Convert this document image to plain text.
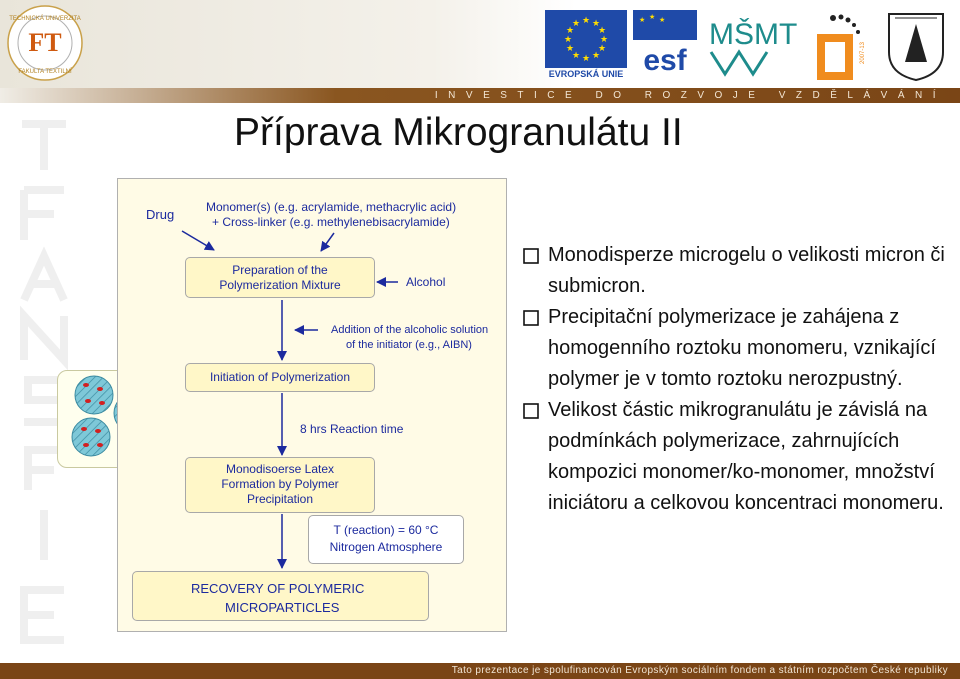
FT
TECHNICKÁ UNIVERZITA
FAKULTA TEXTILNÍ
★ ★
★
★
★
★
★
★
★
★
★
★
EVROPSKÁ UNIE
★ ★ ★
esf
MŠMT
2007-13
INVESTICE DO ROZVOJE VZDĚLÁVÁNÍ
Příprava Mikrogranulátu II
Drug	Monomer(s) (e.g. acrylamide, methacrylic acid)
+ Cross-linker (e.g. methylenebisacrylamide)
Preparation of the
Polymerization Mixture	Alcohol
Addition of the alcoholic solution
of the initiator (e.g., AIBN)
Initiation of Polymerization
8 hrs Reaction time
Monodisoerse Latex
Formation by Polymer
Precipitation
T (reaction) = 60 °C
Nitrogen Atmosphere
RECOVERY OF POLYMERIC
MICROPARTICLES
Monodisperze microgelu o velikosti micron či submicron.
Precipitační polymerizace je zahájena z homogenního roztoku monomeru, vznikající polymer je v tomto roztoku nerozpustný.
Velikost částic mikrogranulátu je závislá na podmínkách polymerizace, zahrnujících kompozici monomer/ko-monomer, množství iniciátoru a celkovou koncentraci monomeru.
Tato prezentace je spolufinancován Evropským sociálním fondem a státním rozpočtem České republiky
